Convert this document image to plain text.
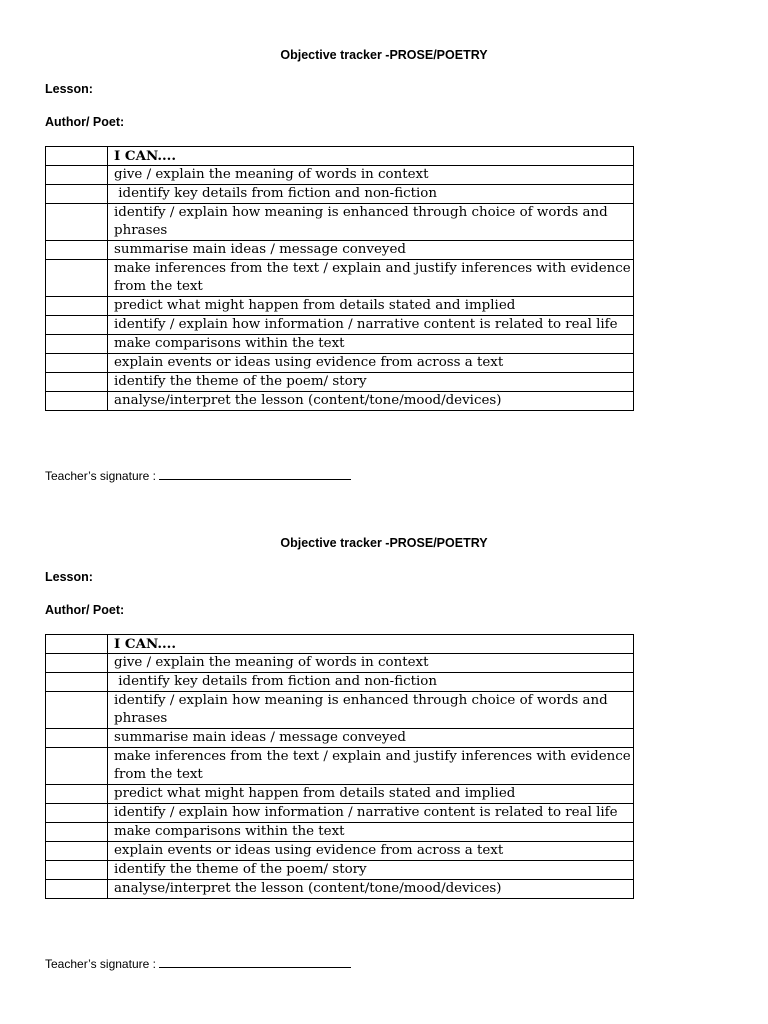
Objective tracker -PROSE/POETRY
Lesson:
Author/ Poet:
	I CAN....
	give / explain the meaning of words in context
	identify key details from fiction and non-fiction
	identify / explain how meaning is enhanced through choice of words and phrases
	summarise main ideas / message conveyed
	make inferences from the text / explain and justify inferences with evidence from the text
	predict what might happen from details stated and implied
	identify / explain how information / narrative content is related to real life
	make comparisons within the text
	explain events or ideas using evidence from across a text
	identify the theme of the poem/ story
	analyse/interpret the lesson (content/tone/mood/devices)
Teacher’s signature :
Objective tracker -PROSE/POETRY
Lesson:
Author/ Poet:
	I CAN....
	give / explain the meaning of words in context
	identify key details from fiction and non-fiction
	identify / explain how meaning is enhanced through choice of words and phrases
	summarise main ideas / message conveyed
	make inferences from the text / explain and justify inferences with evidence from the text
	predict what might happen from details stated and implied
	identify / explain how information / narrative content is related to real life
	make comparisons within the text
	explain events or ideas using evidence from across a text
	identify the theme of the poem/ story
	analyse/interpret the lesson (content/tone/mood/devices)
Teacher’s signature :
